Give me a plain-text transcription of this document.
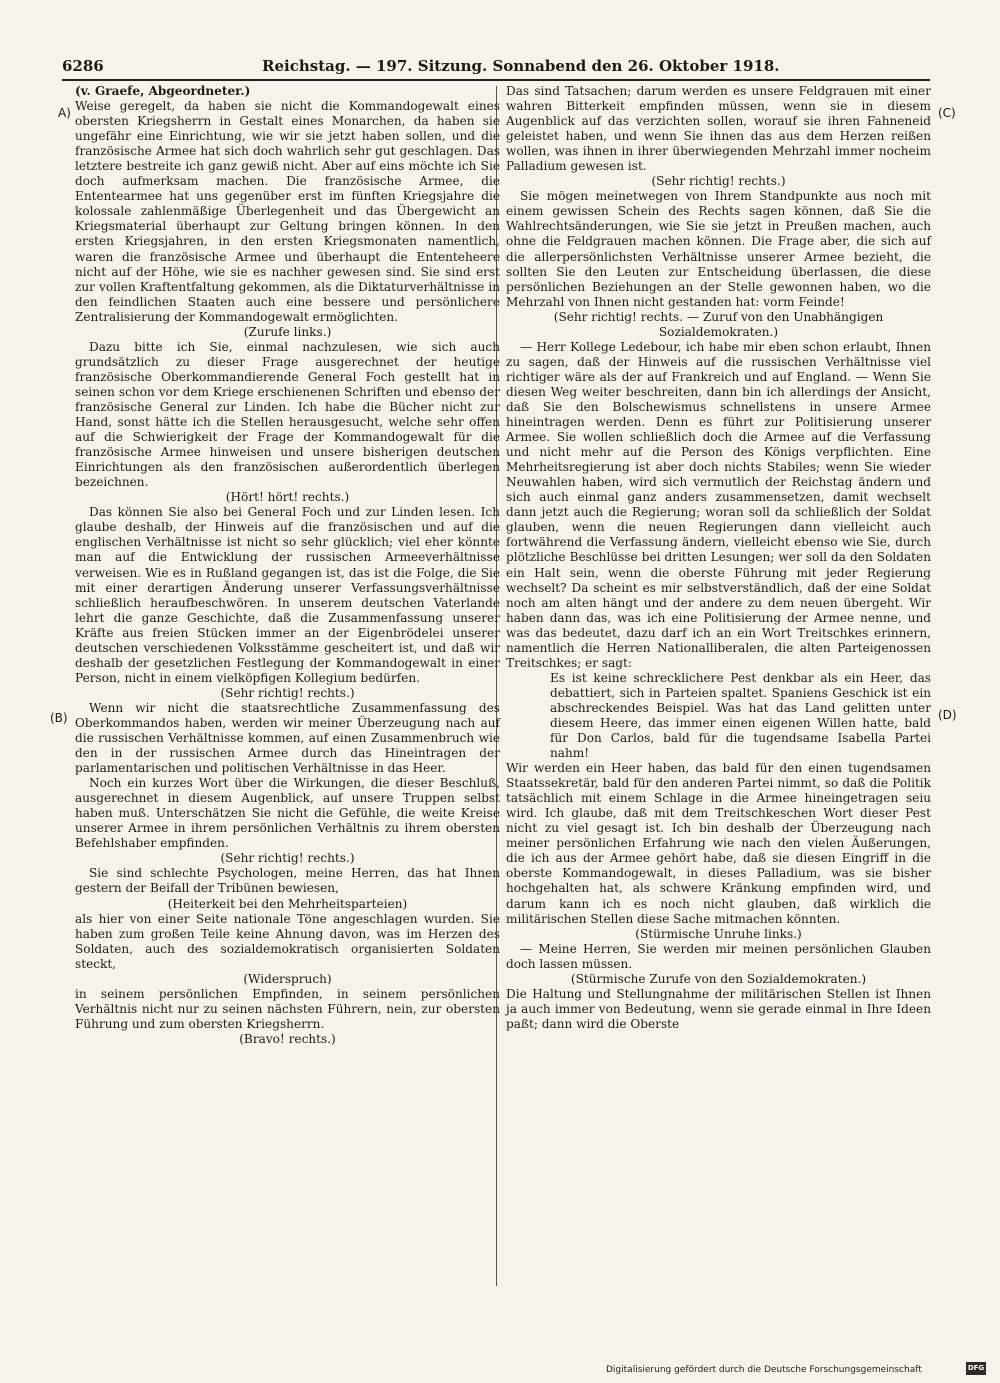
6286	Reichstag. — 197. Sitzung. Sonnabend den 26. Oktober 1918.
A)
(B)
(C)
(D)

(v. Graefe, Abgeordneter.)

Weise geregelt, da haben sie nicht die Kommandogewalt eines obersten Kriegsherrn in Gestalt eines Monarchen, da haben sie ungefähr eine Einrichtung, wie wir sie jetzt haben sollen, und die französische Armee hat sich doch wahrlich sehr gut geschlagen. Das letztere bestreite ich ganz gewiß nicht. Aber auf eins möchte ich Sie doch aufmerksam machen. Die französische Armee, die Ententearmee hat uns gegenüber erst im fünften Kriegsjahre die kolossale zahlenmäßige Überlegenheit und das Übergewicht an Kriegsmaterial überhaupt zur Geltung bringen können. In den ersten Kriegsjahren, in den ersten Kriegsmonaten namentlich, waren die französische Armee und überhaupt die Ententeheere nicht auf der Höhe, wie sie es nachher gewesen sind. Sie sind erst zur vollen Kraftentfaltung gekommen, als die Diktaturverhältnisse in den feindlichen Staaten auch eine bessere und persönlichere Zentralisierung der Kommandogewalt ermöglichten.

(Zurufe links.)

Dazu bitte ich Sie, einmal nachzulesen, wie sich auch grundsätzlich zu dieser Frage ausgerechnet der heutige französische Oberkommandierende General Foch gestellt hat in seinen schon vor dem Kriege erschienenen Schriften und ebenso der französische General zur Linden. Ich habe die Bücher nicht zur Hand, sonst hätte ich die Stellen herausgesucht, welche sehr offen auf die Schwierigkeit der Frage der Kommandogewalt für die französische Armee hinweisen und unsere bisherigen deutschen Einrichtungen als den französischen außerordentlich überlegen bezeichnen.

(Hört! hört! rechts.)

Das können Sie also bei General Foch und zur Linden lesen. Ich glaube deshalb, der Hinweis auf die französischen und auf die englischen Verhältnisse ist nicht so sehr glücklich; viel eher könnte man auf die Entwicklung der russischen Armeeverhältnisse verweisen. Wie es in Rußland gegangen ist, das ist die Folge, die Sie mit einer derartigen Änderung unserer Verfassungsverhältnisse schließlich heraufbeschwören. In unserem deutschen Vaterlande lehrt die ganze Geschichte, daß die Zusammenfassung unserer Kräfte aus freien Stücken immer an der Eigenbrödelei unserer deutschen verschiedenen Volksstämme gescheitert ist, und daß wir deshalb der gesetzlichen Festlegung der Kommandogewalt in einer Person, nicht in einem vielköpfigen Kollegium bedürfen.

(Sehr richtig! rechts.)

Wenn wir nicht die staatsrechtliche Zusammenfassung des Oberkommandos haben, werden wir meiner Überzeugung nach auf die russischen Verhältnisse kommen, auf einen Zusammenbruch wie den in der russischen Armee durch das Hineintragen der parlamentarischen und politischen Verhältnisse in das Heer.

Noch ein kurzes Wort über die Wirkungen, die dieser Beschluß, ausgerechnet in diesem Augenblick, auf unsere Truppen selbst haben muß. Unterschätzen Sie nicht die Gefühle, die weite Kreise unserer Armee in ihrem persönlichen Verhältnis zu ihrem obersten Befehlshaber empfinden.

(Sehr richtig! rechts.)

Sie sind schlechte Psychologen, meine Herren, das hat Ihnen gestern der Beifall der Tribünen bewiesen,

(Heiterkeit bei den Mehrheitsparteien)

als hier von einer Seite nationale Töne angeschlagen wurden. Sie haben zum großen Teile keine Ahnung davon, was im Herzen des Soldaten, auch des sozialdemokratisch organisierten Soldaten steckt,

(Widerspruch)

in seinem persönlichen Empfinden, in seinem persönlichen Verhältnis nicht nur zu seinen nächsten Führern, nein, zur obersten Führung und zum obersten Kriegsherrn.

(Bravo! rechts.)

Das sind Tatsachen; darum werden es unsere Feldgrauen mit einer wahren Bitterkeit empfinden müssen, wenn sie in diesem Augenblick auf das verzichten sollen, worauf sie ihren Fahneneid geleistet haben, und wenn Sie ihnen das aus dem Herzen reißen wollen, was ihnen in ihrer überwiegenden Mehrzahl immer nocheim Palladium gewesen ist.

(Sehr richtig! rechts.)

Sie mögen meinetwegen von Ihrem Standpunkte aus noch mit einem gewissen Schein des Rechts sagen können, daß Sie die Wahlrechtsänderungen, wie Sie sie jetzt in Preußen machen, auch ohne die Feldgrauen machen können. Die Frage aber, die sich auf die allerpersönlichsten Verhältnisse unserer Armee bezieht, die sollten Sie den Leuten zur Entscheidung überlassen, die diese persönlichen Beziehungen an der Stelle gewonnen haben, wo die Mehrzahl von Ihnen nicht gestanden hat: vorm Feinde!

(Sehr richtig! rechts. — Zuruf von den Unabhängigen Sozialdemokraten.)

— Herr Kollege Ledebour, ich habe mir eben schon erlaubt, Ihnen zu sagen, daß der Hinweis auf die russischen Verhältnisse viel richtiger wäre als der auf Frankreich und auf England. — Wenn Sie diesen Weg weiter beschreiten, dann bin ich allerdings der Ansicht, daß Sie den Bolschewismus schnellstens in unsere Armee hineintragen werden. Denn es führt zur Politisierung unserer Armee. Sie wollen schließlich doch die Armee auf die Verfassung und nicht mehr auf die Person des Königs verpflichten. Eine Mehrheitsregierung ist aber doch nichts Stabiles; wenn Sie wieder Neuwahlen haben, wird sich vermutlich der Reichstag ändern und sich auch einmal ganz anders zusammensetzen, damit wechselt dann jetzt auch die Regierung; woran soll da schließlich der Soldat glauben, wenn die neuen Regierungen dann vielleicht auch fortwährend die Verfassung ändern, vielleicht ebenso wie Sie, durch plötzliche Beschlüsse bei dritten Lesungen; wer soll da den Soldaten ein Halt sein, wenn die oberste Führung mit jeder Regierung wechselt? Da scheint es mir selbstverständlich, daß der eine Soldat noch am alten hängt und der andere zu dem neuen übergeht. Wir haben dann das, was ich eine Politisierung der Armee nenne, und was das bedeutet, dazu darf ich an ein Wort Treitschkes erinnern, namentlich die Herren Nationalliberalen, die alten Parteigenossen Treitschkes; er sagt:

Es ist keine schrecklichere Pest denkbar als ein Heer, das debattiert, sich in Parteien spaltet. Spaniens Geschick ist ein abschreckendes Beispiel. Was hat das Land gelitten unter diesem Heere, das immer einen eigenen Willen hatte, bald für Don Carlos, bald für die tugendsame Isabella Partei nahm!

Wir werden ein Heer haben, das bald für den einen tugendsamen Staatssekretär, bald für den anderen Partei nimmt, so daß die Politik tatsächlich mit einem Schlage in die Armee hineingetragen seiu wird. Ich glaube, daß mit dem Treitschkeschen Wort dieser Pest nicht zu viel gesagt ist. Ich bin deshalb der Überzeugung nach meiner persönlichen Erfahrung wie nach den vielen Äußerungen, die ich aus der Armee gehört habe, daß sie diesen Eingriff in die oberste Kommandogewalt, in dieses Palladium, was sie bisher hochgehalten hat, als schwere Kränkung empfinden wird, und darum kann ich es noch nicht glauben, daß wirklich die militärischen Stellen diese Sache mitmachen könnten.

(Stürmische Unruhe links.)

— Meine Herren, Sie werden mir meinen persönlichen Glauben doch lassen müssen.

(Stürmische Zurufe von den Sozialdemokraten.)

Die Haltung und Stellungnahme der militärischen Stellen ist Ihnen ja auch immer von Bedeutung, wenn sie gerade einmal in Ihre Ideen paßt; dann wird die Oberste

Digitalisierung gefördert durch die Deutsche Forschungsgemeinschaft	DFG
